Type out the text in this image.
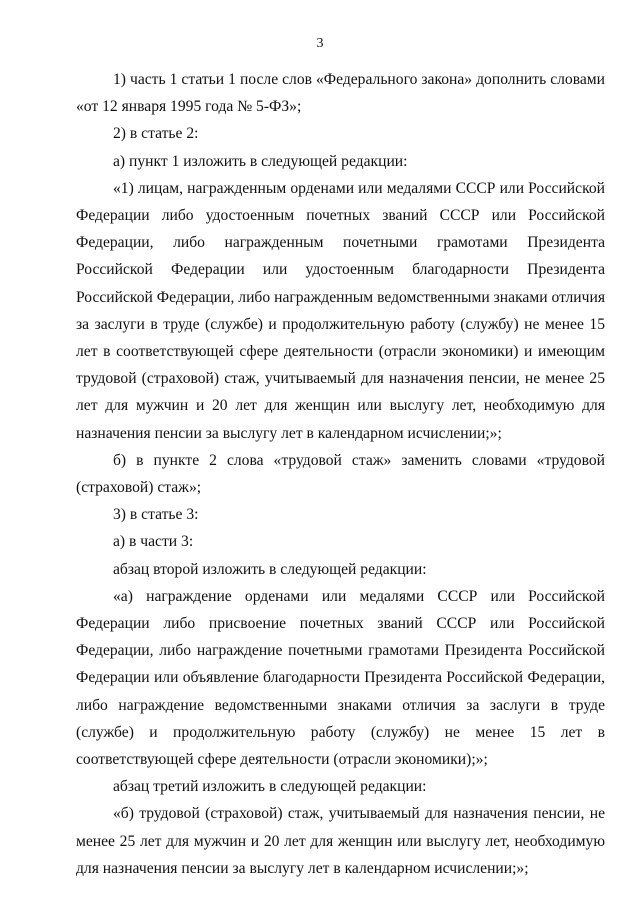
3

1) часть 1 статьи 1 после слов «Федерального закона» дополнить словами «от 12 января 1995 года № 5-ФЗ»;

2) в статье 2:

а) пункт 1 изложить в следующей редакции:

«1) лицам, награжденным орденами или медалями СССР или Российской Федерации либо удостоенным почетных званий СССР или Российской Федерации, либо награжденным почетными грамотами Президента Российской Федерации или удостоенным благодарности Президента Российской Федерации, либо награжденным ведомственными знаками отличия за заслуги в труде (службе) и продолжительную работу (службу) не менее 15 лет в соответствующей сфере деятельности (отрасли экономики) и имеющим трудовой (страховой) стаж, учитываемый для назначения пенсии, не менее 25 лет для мужчин и 20 лет для женщин или выслугу лет, необходимую для назначения пенсии за выслугу лет в календарном исчислении;»;

б) в пункте 2 слова «трудовой стаж» заменить словами «трудовой (страховой) стаж»;

3) в статье 3:

а) в части 3:

абзац второй изложить в следующей редакции:

«а) награждение орденами или медалями СССР или Российской Федерации либо присвоение почетных званий СССР или Российской Федерации, либо награждение почетными грамотами Президента Российской Федерации или объявление благодарности Президента Российской Федерации, либо награждение ведомственными знаками отличия за заслуги в труде (службе) и продолжительную работу (службу) не менее 15 лет в соответствующей сфере деятельности (отрасли экономики);»;

абзац третий изложить в следующей редакции:

«б) трудовой (страховой) стаж, учитываемый для назначения пенсии, не менее 25 лет для мужчин и 20 лет для женщин или выслугу лет, необходимую для назначения пенсии за выслугу лет в календарном исчислении;»;
